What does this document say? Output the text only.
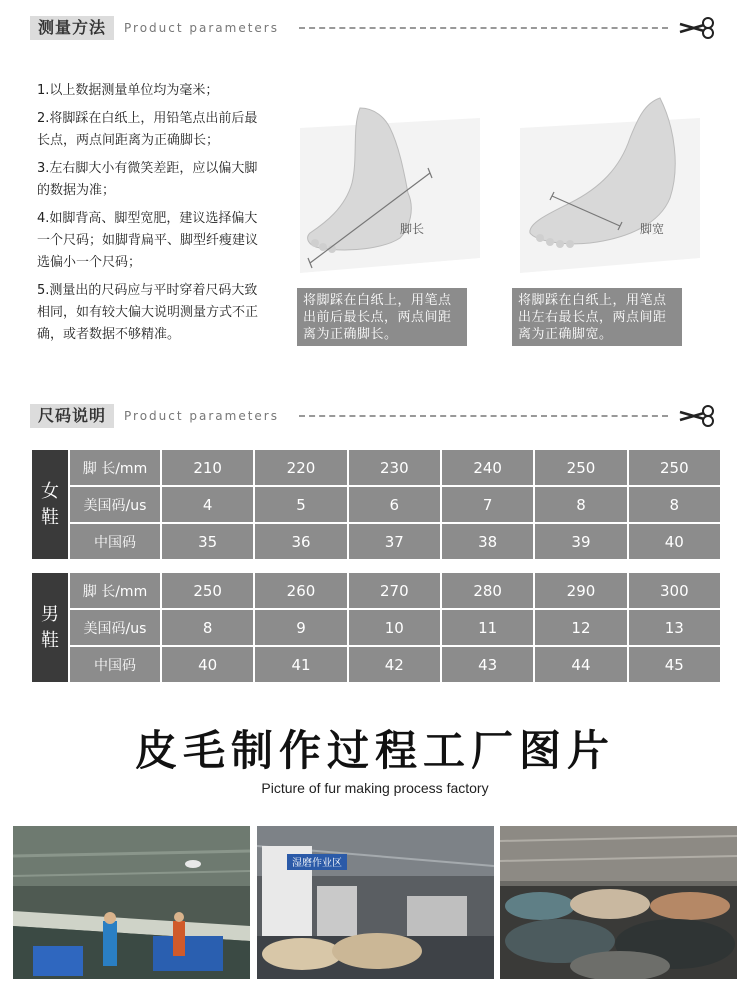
测量方法	Product parameters

1.以上数据测量单位均为毫米；

2.将脚踩在白纸上，用铅笔点出前后最长点，两点间距离为正确脚长；

3.左右脚大小有微笑差距，应以偏大脚的数据为准；

4.如脚背高、脚型宽肥，建议选择偏大一个尺码；如脚背扁平、脚型纤瘦建议选偏小一个尺码；

5.测量出的尺码应与平时穿着尺码大致相同，如有较大偏大说明测量方式不正确，或者数据不够精准。

脚长
将脚踩在白纸上，用笔点出前后最长点，两点间距离为正确脚长。
脚宽
将脚踩在白纸上，用笔点出左右最长点，两点间距离为正确脚宽。
尺码说明	Product parameters
女
鞋	脚 长/mm	210	220	230	240	250	250
	美国码/us	4	5	6	7	8	8
	中国码	35	36	37	38	39	40
男
鞋	脚 长/mm	250	260	270	280	290	300
	美国码/us	8	9	10	11	12	13
	中国码	40	41	42	43	44	45
皮毛制作过程工厂图片
Picture of fur making process factory
湿磨作业区
